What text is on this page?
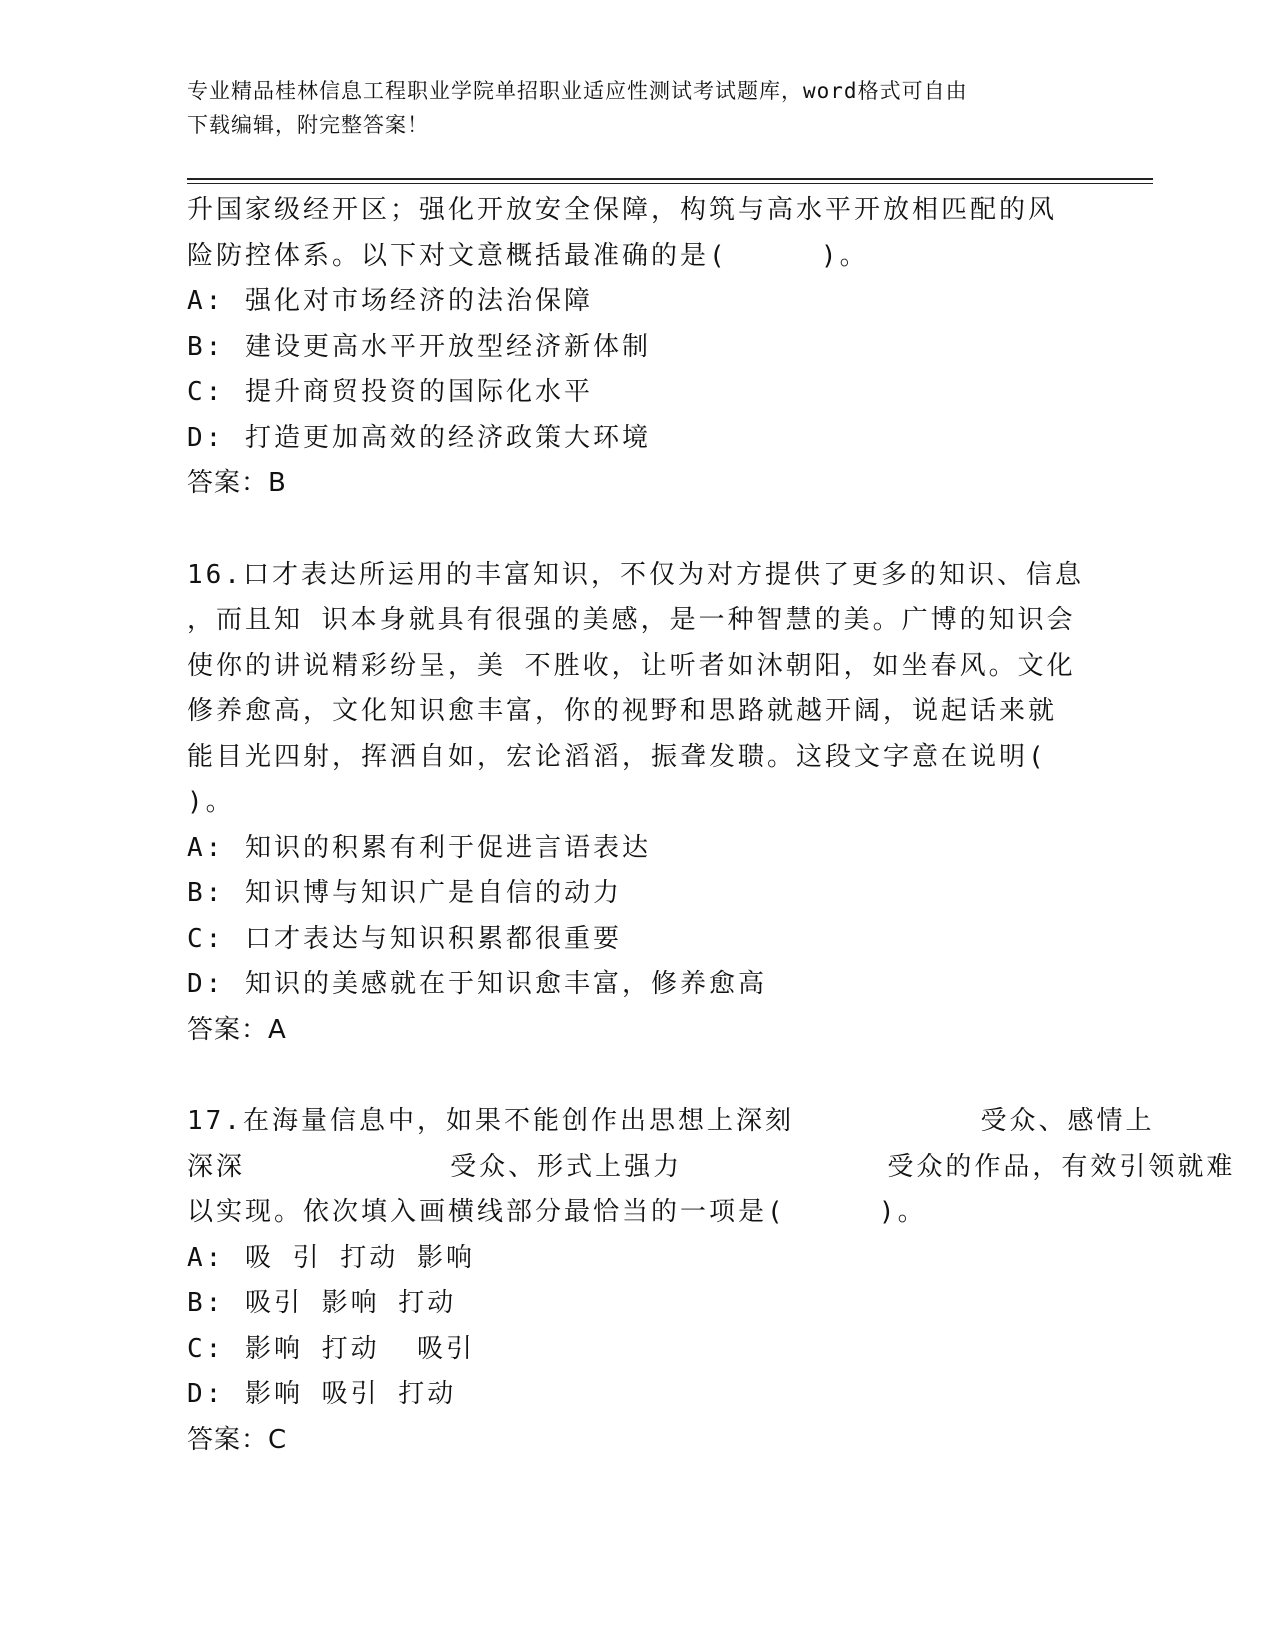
专业精品桂林信息工程职业学院单招职业适应性测试考试题库，word格式可自由
下载编辑，附完整答案！
升国家级经开区；强化开放安全保障，构筑与高水平开放相匹配的风
险防控体系。以下对文意概括最准确的是(     )。
A: 强化对市场经济的法治保障
B: 建设更高水平开放型经济新体制
C: 提升商贸投资的国际化水平
D: 打造更加高效的经济政策大环境
答案：B
16.口才表达所运用的丰富知识，不仅为对方提供了更多的知识、信息
，而且知 识本身就具有很强的美感，是一种智慧的美。广博的知识会
使你的讲说精彩纷呈，美 不胜收，让听者如沐朝阳，如坐春风。文化
修养愈高，文化知识愈丰富，你的视野和思路就越开阔，说起话来就
能目光四射，挥洒自如，宏论滔滔，振聋发聩。这段文字意在说明(
)。
A: 知识的积累有利于促进言语表达
B: 知识博与知识广是自信的动力
C: 口才表达与知识积累都很重要
D: 知识的美感就在于知识愈丰富，修养愈高
答案：A
17.在海量信息中，如果不能创作出思想上深刻          受众、感情上
深深           受众、形式上强力           受众的作品，有效引领就难
以实现。依次填入画横线部分最恰当的一项是(     )。
A: 吸 引 打动 影响
B: 吸引 影响 打动
C: 影响 打动  吸引
D: 影响 吸引 打动
答案：C
